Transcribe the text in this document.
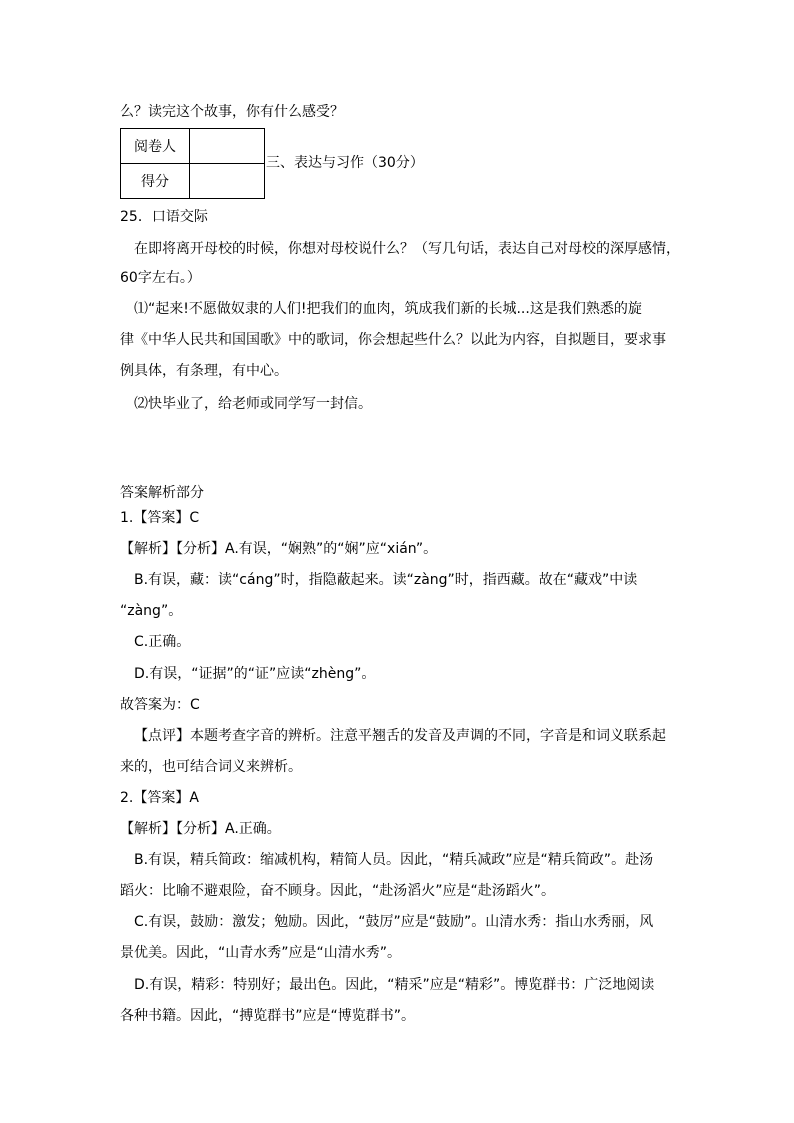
么？读完这个故事，你有什么感受？
阅卷人	
得分	
三、表达与习作（30分）
25．口语交际
在即将离开母校的时候，你想对母校说什么？（写几句话，表达自己对母校的深厚感情，
60字左右。）
⑴“起来!不愿做奴隶的人们!把我们的血肉，筑成我们新的长城...这是我们熟悉的旋
律《中华人民共和国国歌》中的歌词，你会想起些什么？以此为内容，自拟题目，要求事
例具体，有条理，有中心。
⑵快毕业了，给老师或同学写一封信。
答案解析部分
1.【答案】C
【解析】【分析】A.有误，“娴熟”的“娴”应“xián”。
B.有误，藏：读“cáng”时，指隐蔽起来。读“zàng”时，指西藏。故在“藏戏”中读
“zàng”。
C.正确。
D.有误，“证据”的“证”应读“zhèng”。
故答案为：C
【点评】本题考查字音的辨析。注意平翘舌的发音及声调的不同，字音是和词义联系起
来的，也可结合词义来辨析。
2.【答案】A
【解析】【分析】A.正确。
B.有误，精兵简政：缩减机构，精简人员。因此，“精兵减政”应是“精兵简政”。赴汤
蹈火：比喻不避艰险，奋不顾身。因此，“赴汤滔火”应是“赴汤蹈火”。
C.有误，鼓励：激发；勉励。因此，“鼓厉”应是“鼓励”。山清水秀：指山水秀丽，风
景优美。因此，“山青水秀”应是“山清水秀”。
D.有误，精彩：特别好；最出色。因此，“精采”应是“精彩”。博览群书：广泛地阅读
各种书籍。因此，“搏览群书”应是“博览群书”。
